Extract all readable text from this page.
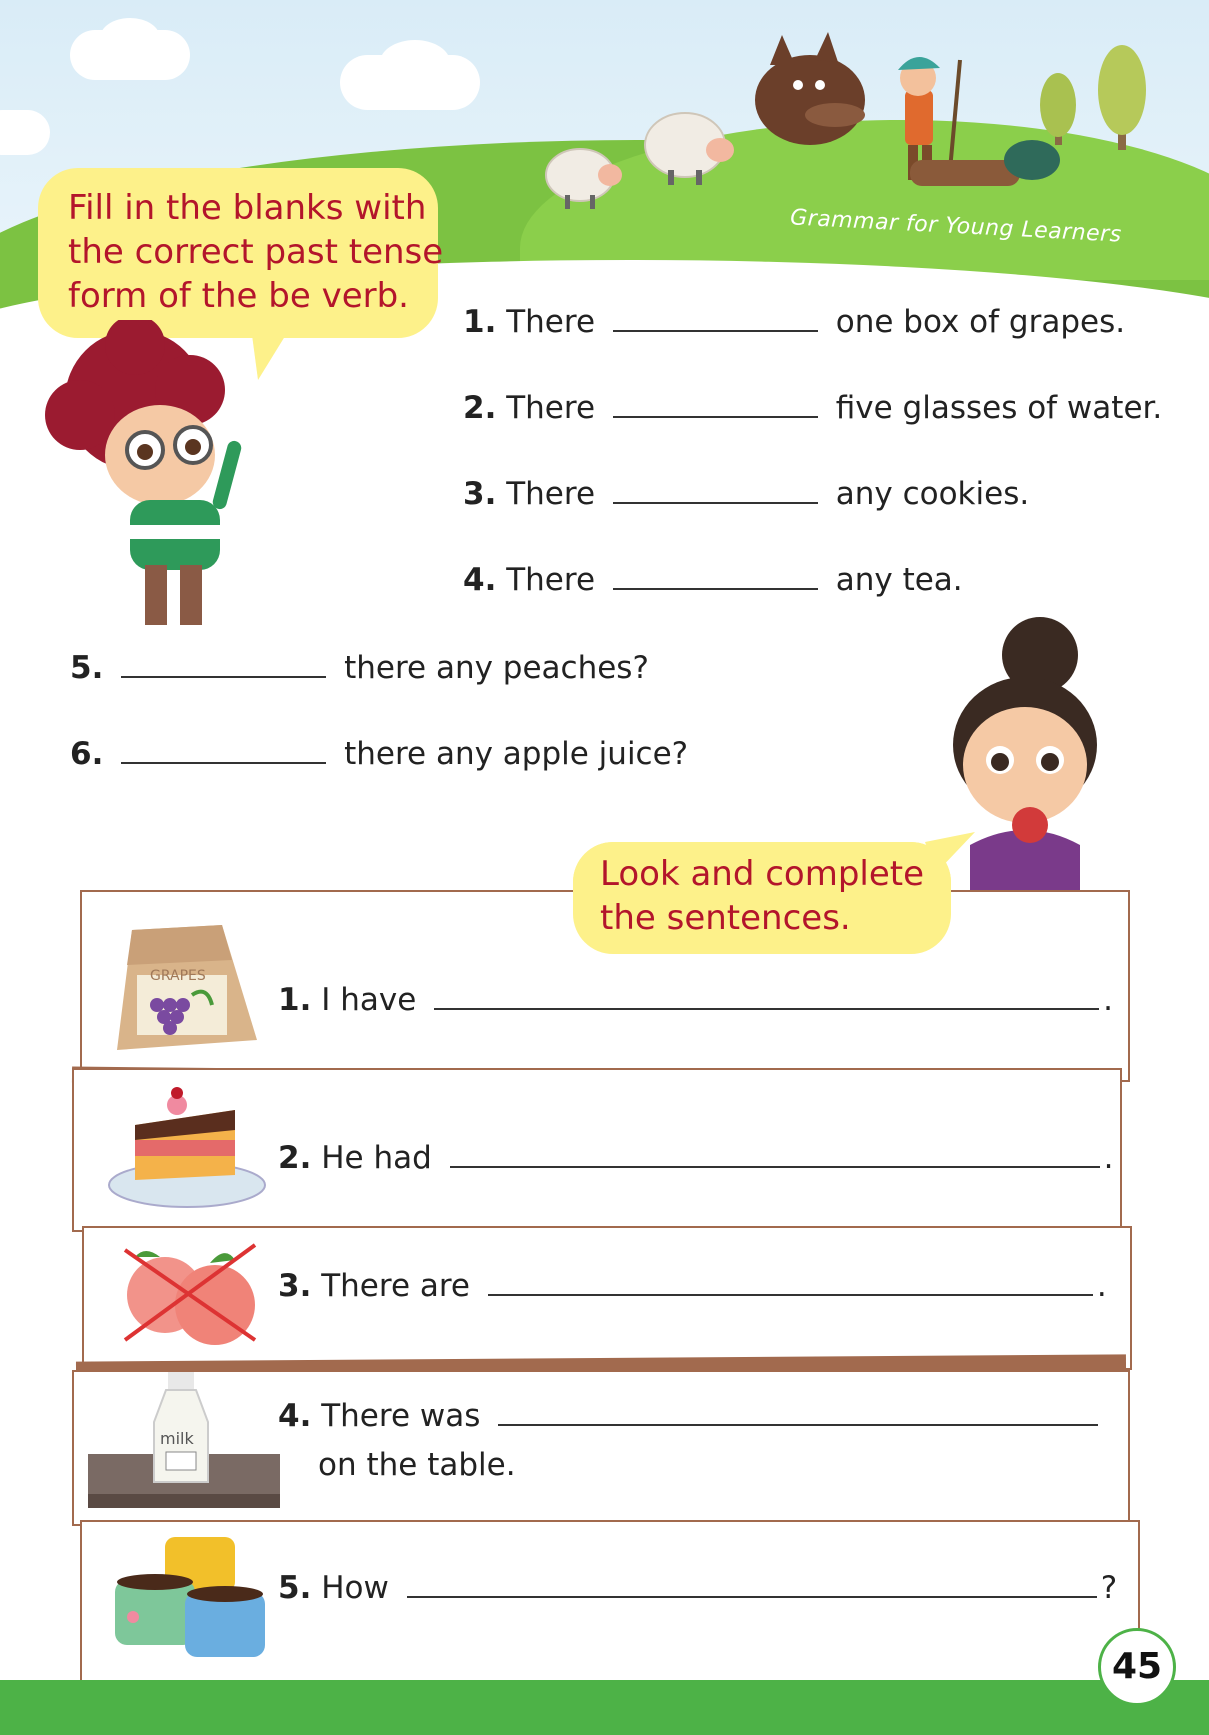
Grammar for Young Learners
Fill in the blanks with
the correct past tense
form of the be verb.
1. There	one box of grapes.
2. There	five glasses of water.
3. There	any cookies.
4. There	any tea.
5.	there any peaches?
6.	there any apple juice?
Look and complete
the sentences.
GRAPES
milk
1. I have	.
2. He had	.
3. There are	.
4. There was
on the table.
5. How	?
45
